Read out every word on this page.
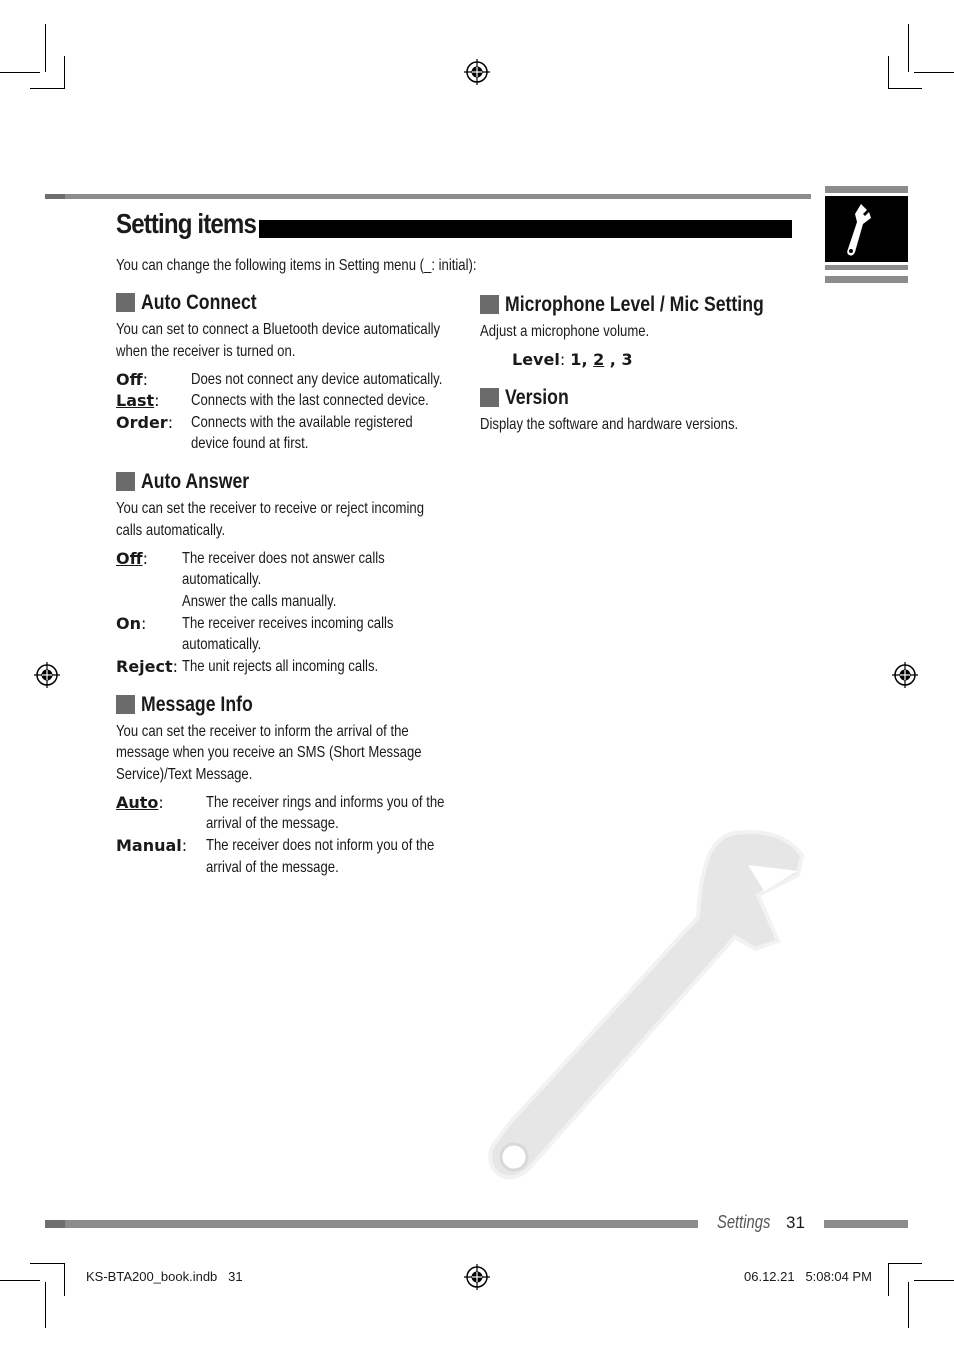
Setting items
You can change the following items in Setting menu (_: initial):
Auto Connect
You can set to connect a Bluetooth device automatically
when the receiver is turned on.
Off:	Does not connect any device automatically.
Last: Connects with the last connected device.
Order: Connects with the available registered
device found at first.
Auto Answer
You can set the receiver to receive or reject incoming
calls automatically.
Off: The receiver does not answer calls
automatically.
Answer the calls manually.
On: The receiver receives incoming calls
automatically.
Reject: The unit rejects all incoming calls.
Message Info
You can set the receiver to inform the arrival of the
message when you receive an SMS (Short Message
Service)/Text Message.
Auto:	The receiver rings and informs you of the
arrival of the message.
Manual: The receiver does not inform you of the
arrival of the message.
Microphone Level / Mic Setting
Adjust a microphone volume.
Level: 1, 2 , 3
Version
Display the software and hardware versions.
Settings 31
KS-BTA200_book.indb   31	06.12.21   5:08:04 PM
